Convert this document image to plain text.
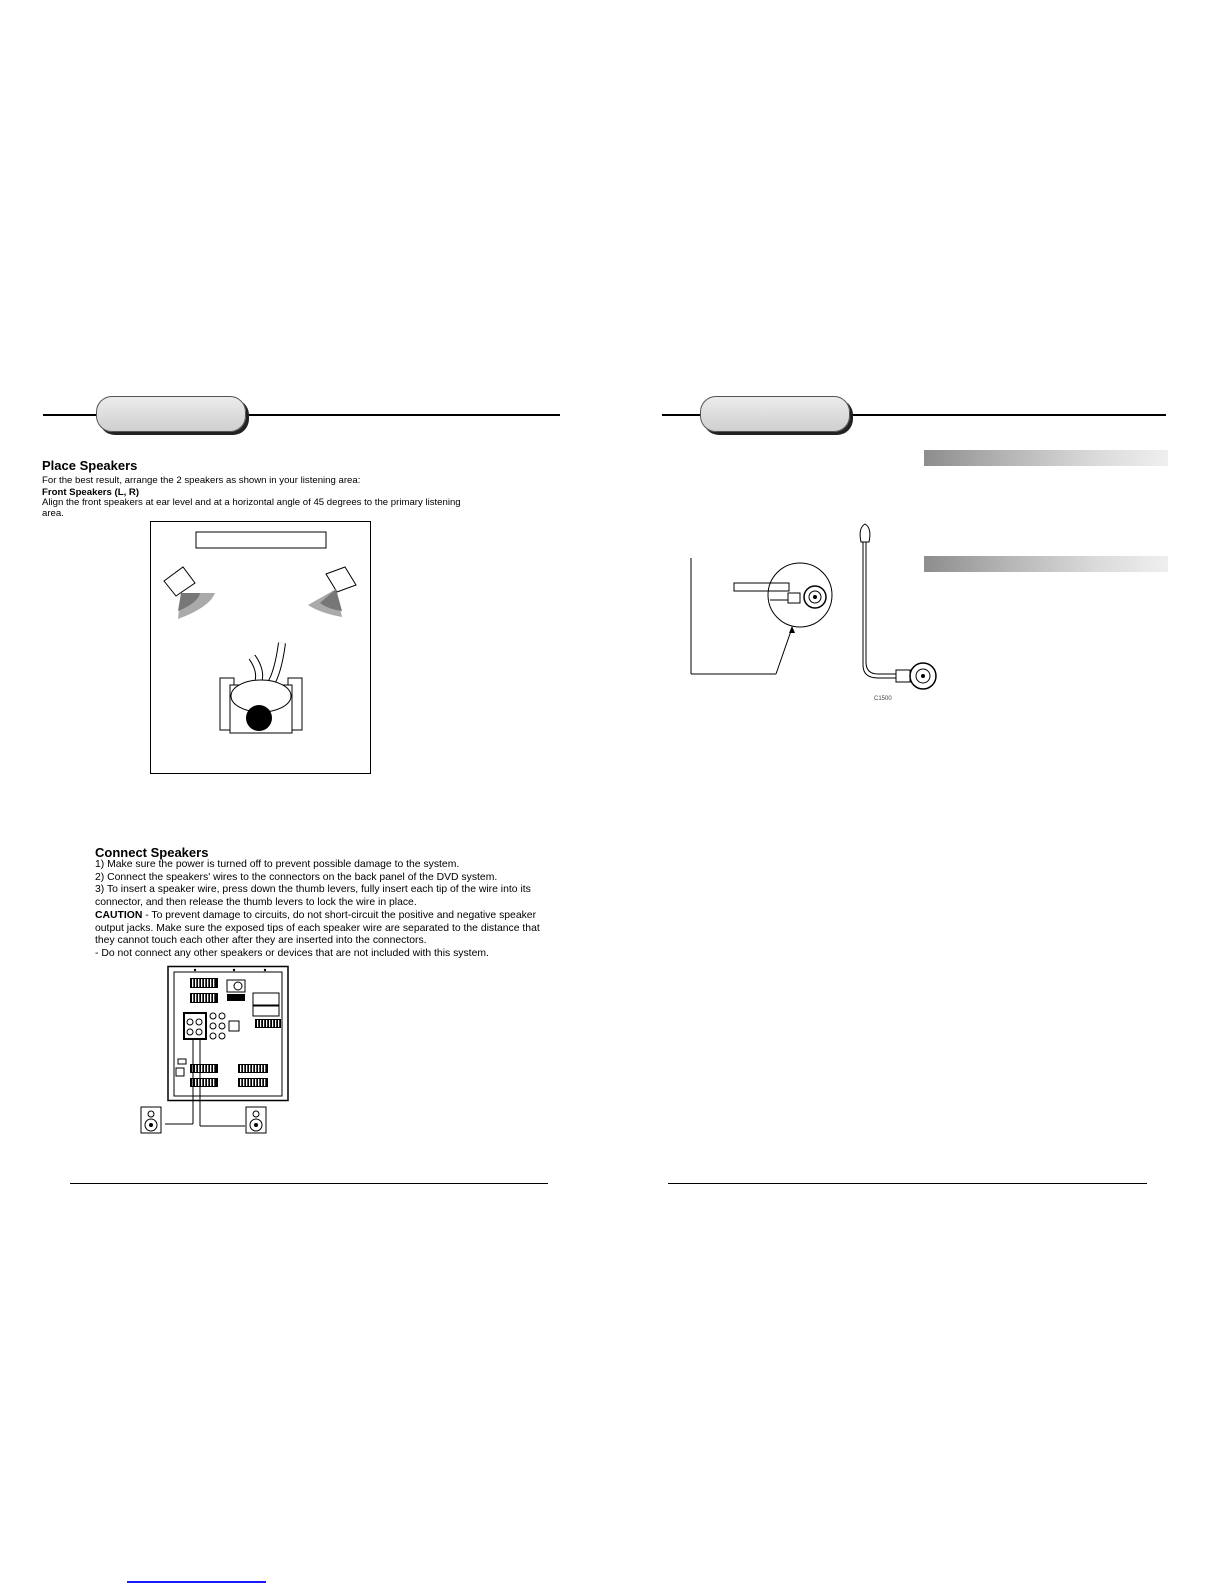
Place Speakers

For the best result, arrange the 2 speakers as shown in your listening area:

Front Speakers (L, R)

Align the front speakers at ear level and at a horizontal angle of 45 degrees to the primary listening

area.

Connect Speakers
1) Make sure the power is turned off to prevent possible damage to the system.
2) Connect the speakers' wires to the connectors on the back panel of the DVD system.
3) To insert a speaker wire, press down the thumb levers, fully insert each tip of the wire into its
connector, and then release the thumb levers to lock the wire in place.
CAUTION - To prevent damage to circuits, do not short-circuit the positive and negative speaker
output jacks. Make sure the exposed tips of each speaker wire are separated to the distance that
they cannot touch each other after they are inserted into the connectors.
- Do not connect any other speakers or devices that are not included with this system.
C1500
